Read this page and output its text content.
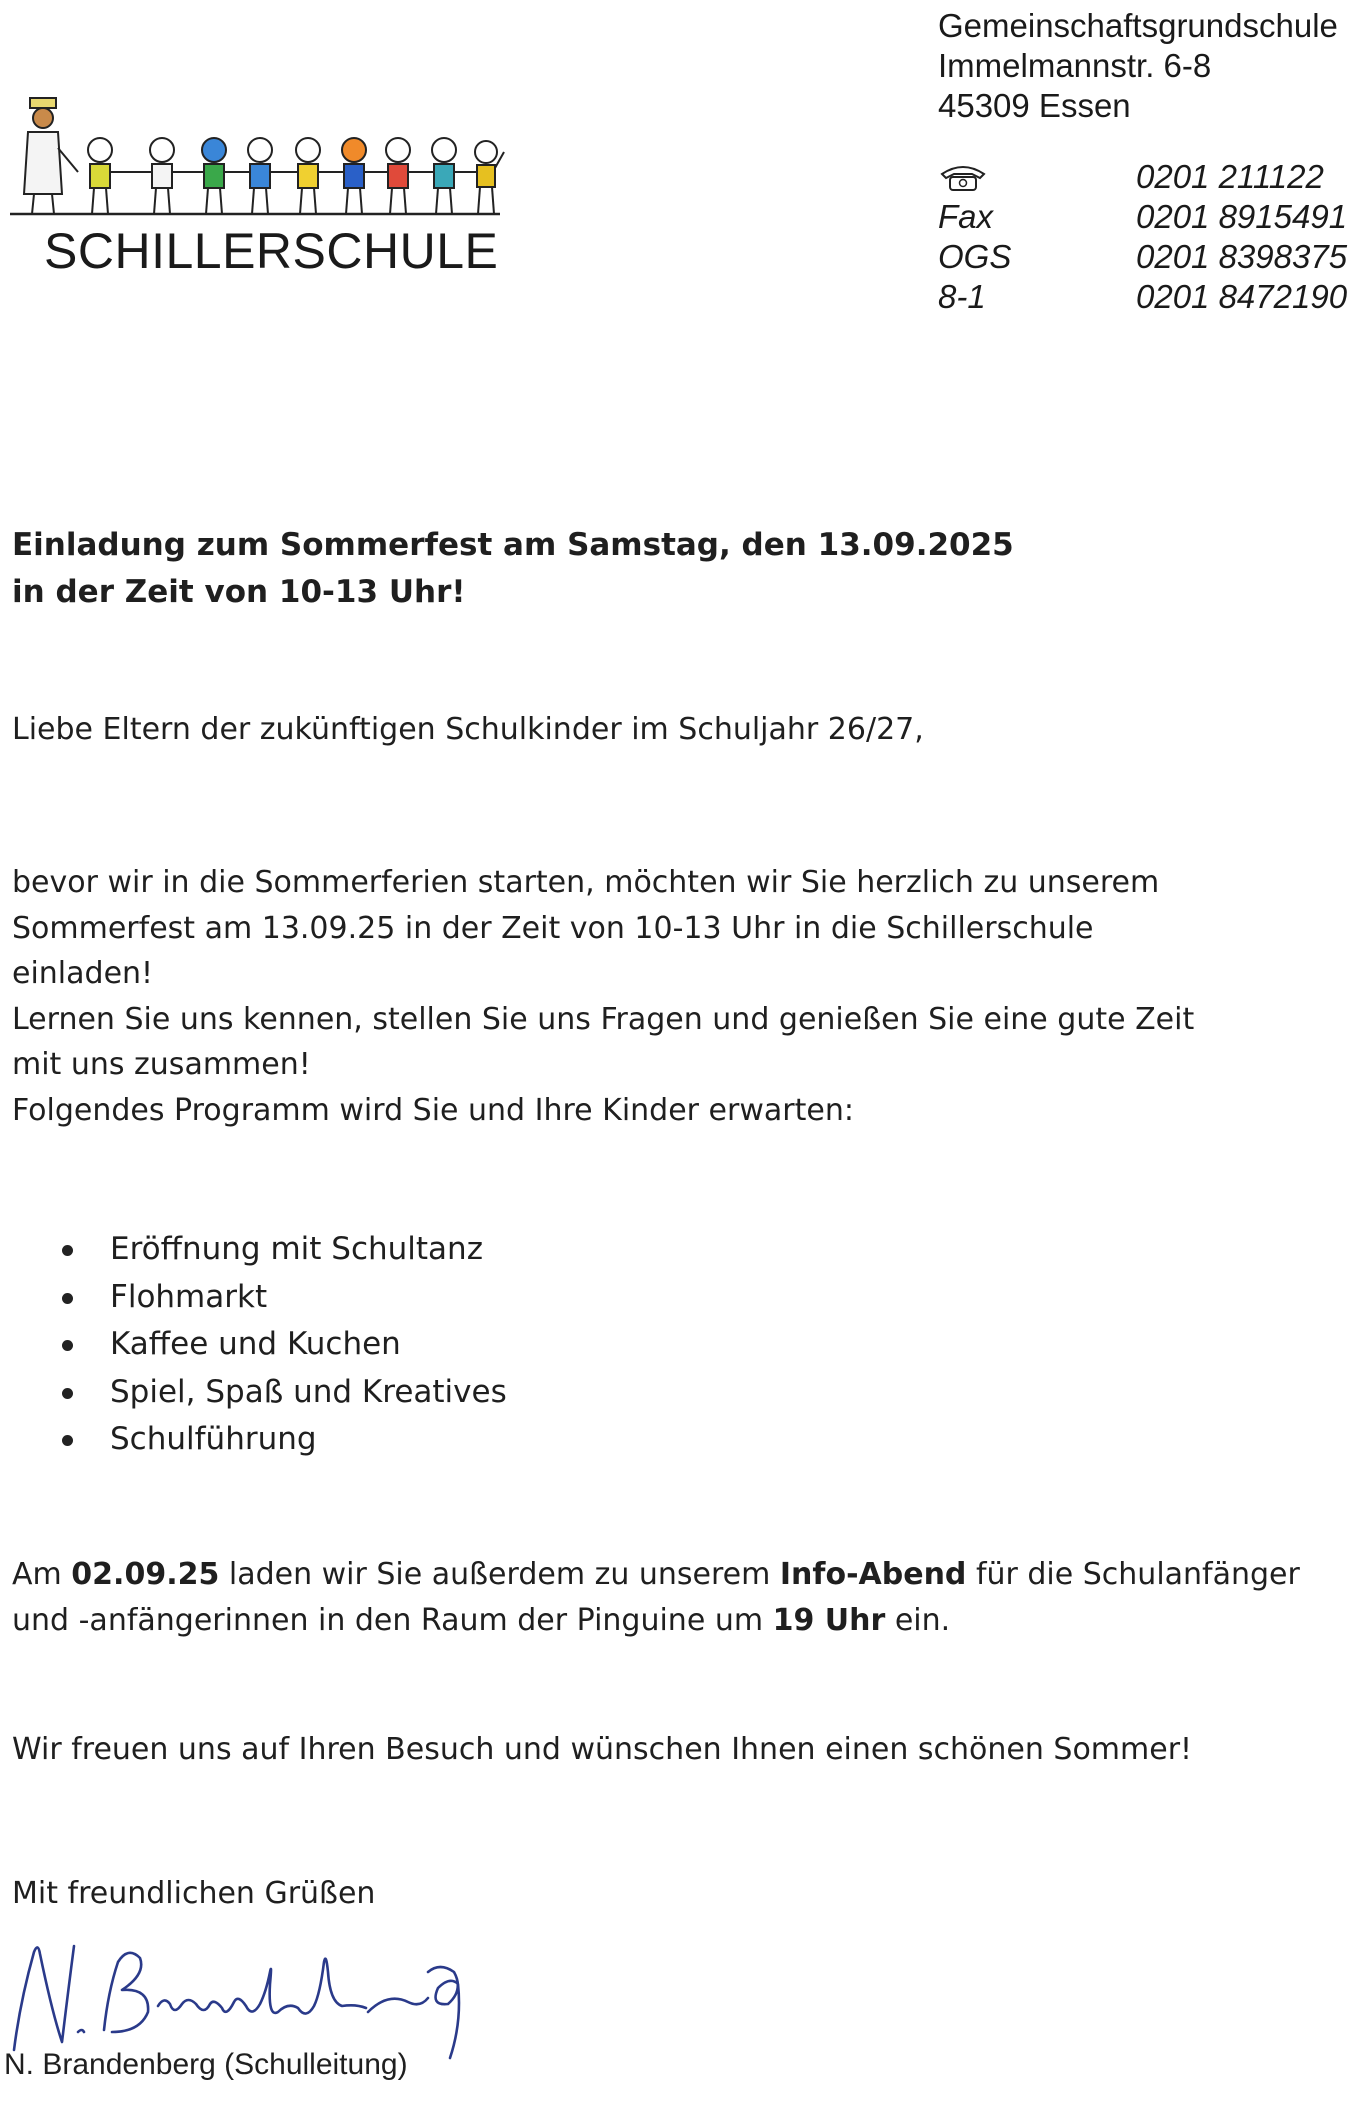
SCHILLERSCHULE
Gemeinschaftsgrundschule
Immelmannstr. 6-8
45309 Essen
0201 211122
Fax	0201 8915491
OGS	0201 8398375
8-1	0201 8472190
Einladung zum Sommerfest am Samstag, den 13.09.2025
in der Zeit von 10-13 Uhr!
Liebe Eltern der zukünftigen Schulkinder im Schuljahr 26/27,
bevor wir in die Sommerferien starten, möchten wir Sie herzlich zu unserem
Sommerfest am 13.09.25 in der Zeit von 10-13 Uhr in die Schillerschule
einladen!
Lernen Sie uns kennen, stellen Sie uns Fragen und genießen Sie eine gute Zeit
mit uns zusammen!
Folgendes Programm wird Sie und Ihre Kinder erwarten:
Eröffnung mit Schultanz
Flohmarkt
Kaffee und Kuchen
Spiel, Spaß und Kreatives
Schulführung
Am 02.09.25 laden wir Sie außerdem zu unserem Info-Abend für die Schulanfänger
und -anfängerinnen in den Raum der Pinguine um 19 Uhr ein.
Wir freuen uns auf Ihren Besuch und wünschen Ihnen einen schönen Sommer!
Mit freundlichen Grüßen
N. Brandenberg (Schulleitung)
